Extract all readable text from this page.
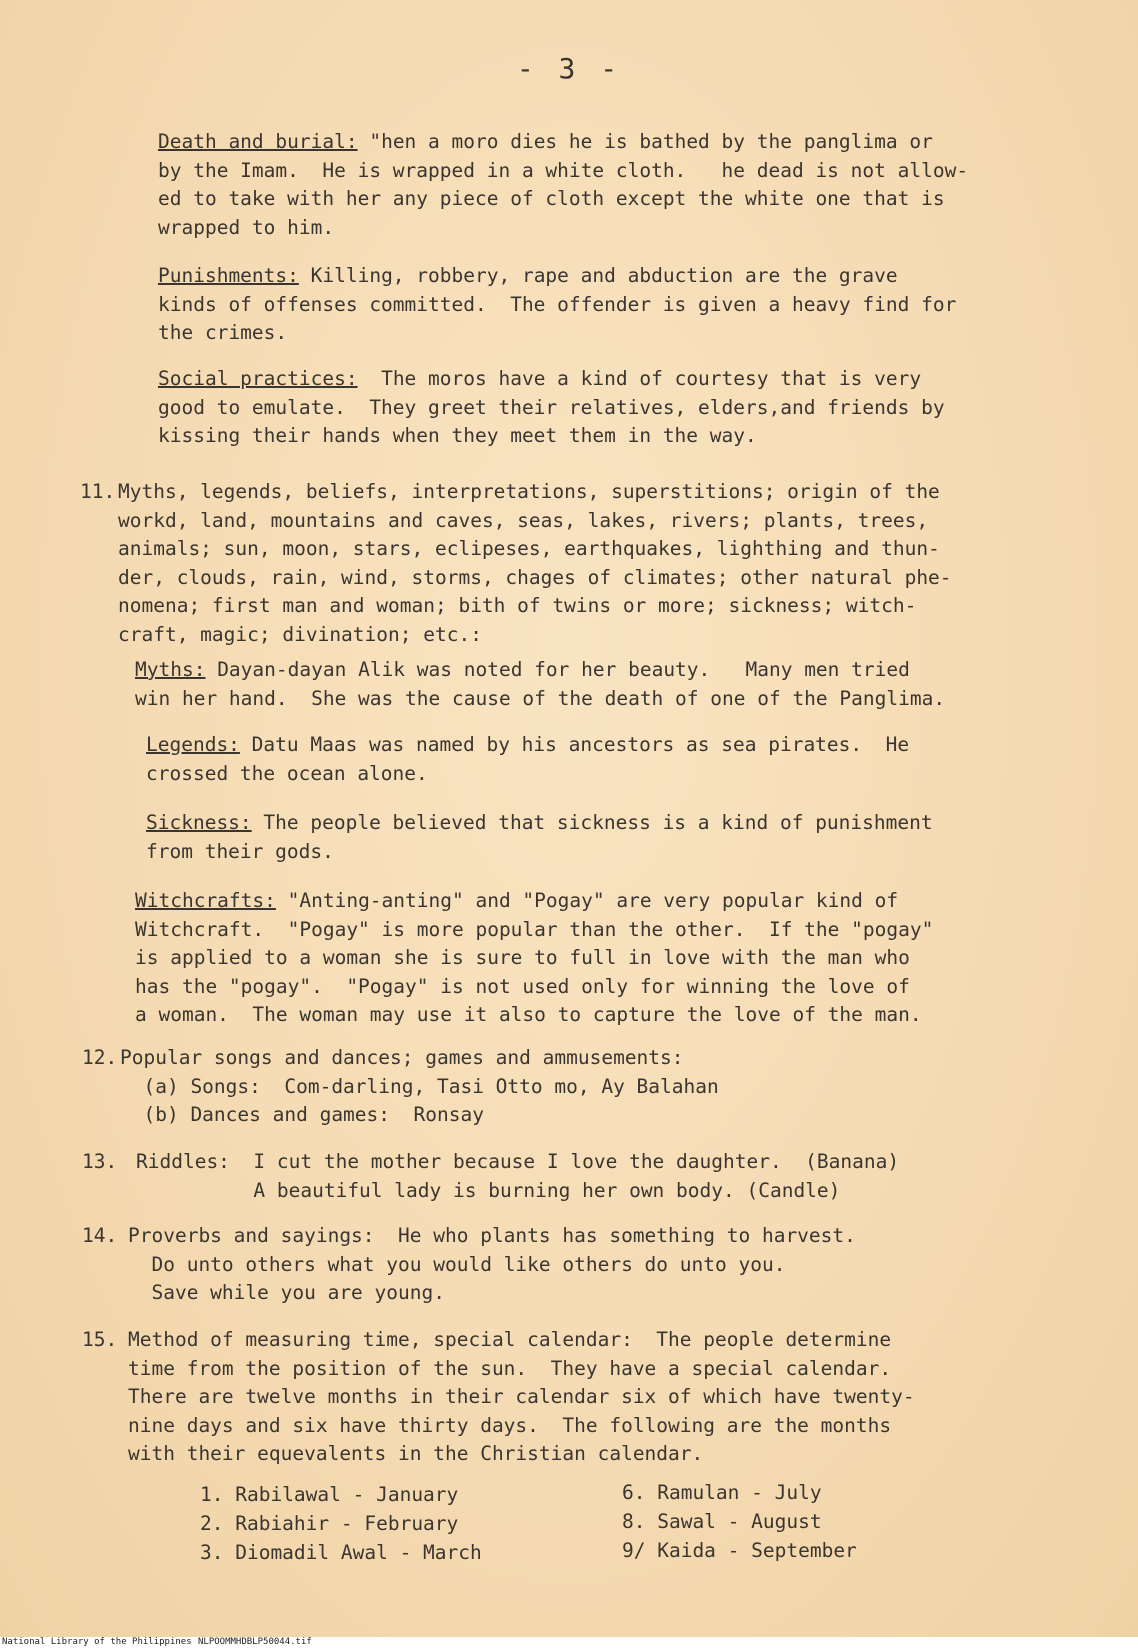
- 3 -
Death and burial: "hen a moro dies he is bathed by the panglima or
by the Imam.  He is wrapped in a white cloth.   he dead is not allow-
ed to take with her any piece of cloth except the white one that is
wrapped to him.
Punishments: Killing, robbery, rape and abduction are the grave
kinds of offenses committed.  The offender is given a heavy find for
the crimes.
Social practices:  The moros have a kind of courtesy that is very
good to emulate.  They greet their relatives, elders,and friends by
kissing their hands when they meet them in the way.
11. Myths, legends, beliefs, interpretations, superstitions; origin of the
workd, land, mountains and caves, seas, lakes, rivers; plants, trees,
animals; sun, moon, stars, eclipeses, earthquakes, lighthing and thun-
der, clouds, rain, wind, storms, chages of climates; other natural phe-
nomena; first man and woman; bith of twins or more; sickness; witch-
craft, magic; divination; etc.:
Myths: Dayan-dayan Alik was noted for her beauty.   Many men tried
win her hand.  She was the cause of the death of one of the Panglima.
Legends: Datu Maas was named by his ancestors as sea pirates.  He
crossed the ocean alone.
Sickness: The people believed that sickness is a kind of punishment
from their gods.
Witchcrafts: "Anting-anting" and "Pogay" are very popular kind of
Witchcraft.  "Pogay" is more popular than the other.  If the "pogay"
is applied to a woman she is sure to full in love with the man who
has the "pogay".  "Pogay" is not used only for winning the love of
a woman.  The woman may use it also to capture the love of the man.
12. Popular songs and dances; games and ammusements:
(a) Songs:  Com-darling, Tasi Otto mo, Ay Balahan
(b) Dances and games:  Ronsay
13. Riddles:  I cut the mother because I love the daughter.  (Banana)
A beautiful lady is burning her own body. (Candle)
14. Proverbs and sayings:  He who plants has something to harvest.
Do unto others what you would like others do unto you.
Save while you are young.
15. Method of measuring time, special calendar:  The people determine
time from the position of the sun.  They have a special calendar.
There are twelve months in their calendar six of which have twenty-
nine days and six have thirty days.  The following are the months
with their equevalents in the Christian calendar.
1. Rabilawal - January
2. Rabiahir - February
3. Diomadil Awal - March
6. Ramulan - July
8. Sawal - August
9/ Kaida - September
National Library of the Philippines NLPOOMMHDBLP50044.tif
